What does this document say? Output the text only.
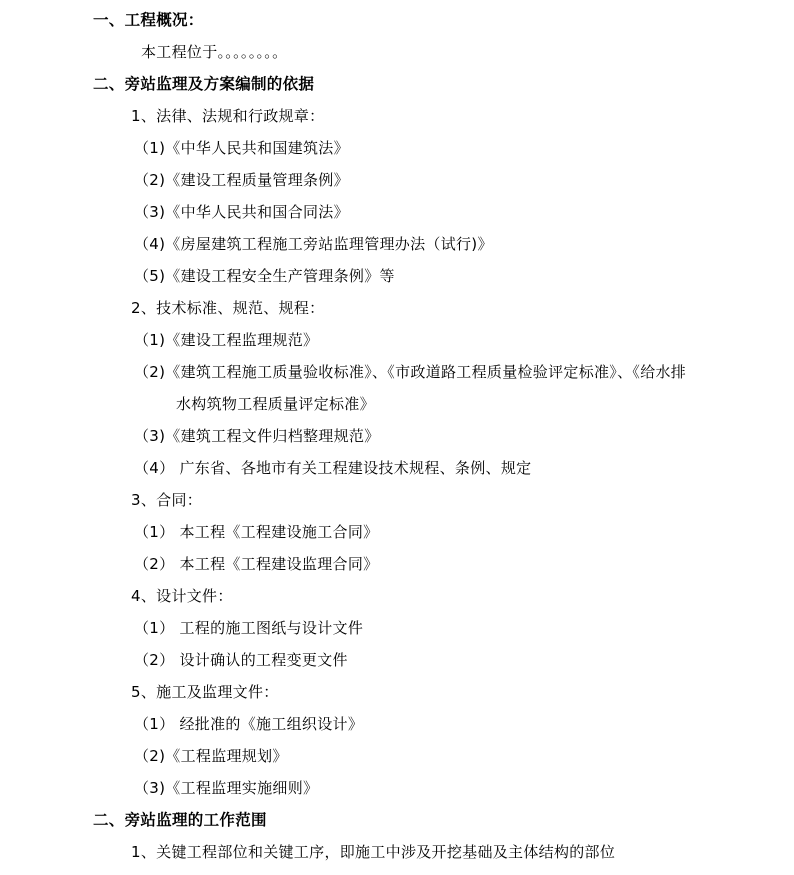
一、工程概况：
本工程位于。。。。。。。。
二、旁站监理及方案编制的依据
1、法律、法规和行政规章：
（1)《中华人民共和国建筑法》
（2)《建设工程质量管理条例》
（3)《中华人民共和国合同法》
（4)《房屋建筑工程施工旁站监理管理办法（试行)》
（5)《建设工程安全生产管理条例》等
2、技术标准、规范、规程：
（1)《建设工程监理规范》
（2)《建筑工程施工质量验收标准》、《市政道路工程质量检验评定标准》、《给水排
水构筑物工程质量评定标准》
（3)《建筑工程文件归档整理规范》
（4） 广东省、各地市有关工程建设技术规程、条例、规定
3、合同：
（1） 本工程《工程建设施工合同》
（2） 本工程《工程建设监理合同》
4、设计文件：
（1） 工程的施工图纸与设计文件
（2） 设计确认的工程变更文件
5、施工及监理文件：
（1） 经批准的《施工组织设计》
（2)《工程监理规划》
（3)《工程监理实施细则》
二、旁站监理的工作范围
1、关键工程部位和关键工序，即施工中涉及开挖基础及主体结构的部位
